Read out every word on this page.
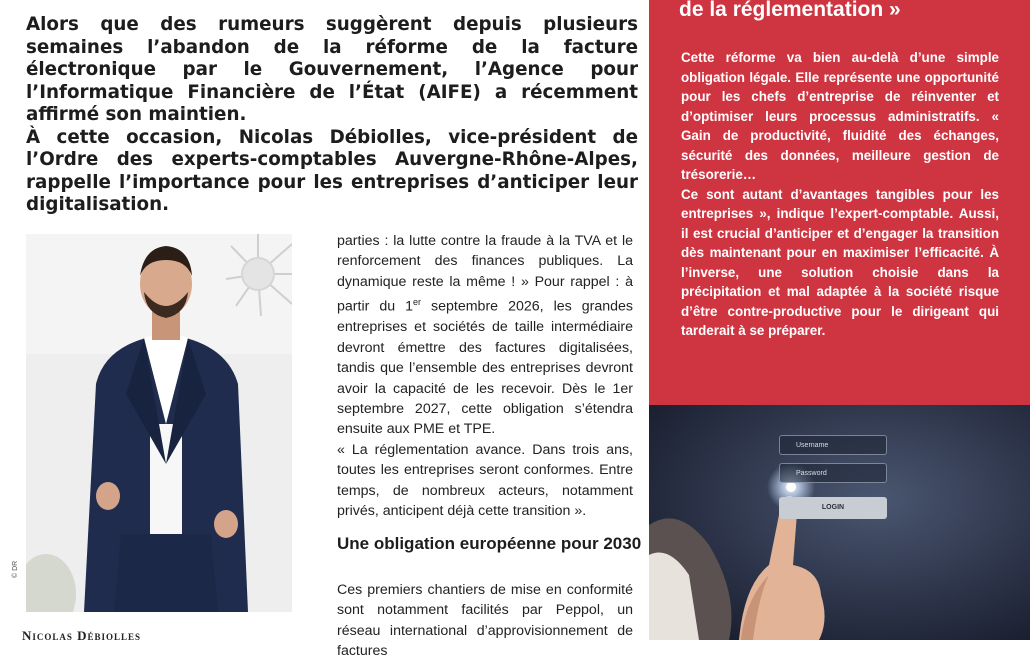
Alors que des rumeurs suggèrent depuis plusieurs semaines l’abandon de la réforme de la facture électronique par le Gouvernement, l’Agence pour l’Informatique Financière de l’État (AIFE) a récemment affirmé son maintien.

À cette occasion, Nicolas Débiolles, vice-président de l’Ordre des experts-comptables Auvergne-Rhône-Alpes, rappelle l’importance pour les entreprises d’anticiper leur digitalisation.

© DR
Nicolas Débiolles

parties : la lutte contre la fraude à la TVA et le renforcement des finances publiques. La dynamique reste la même ! » Pour rappel : à partir du 1er septembre 2026, les grandes entreprises et sociétés de taille intermédiaire devront émettre des factures digitalisées, tandis que l’ensemble des entreprises devront avoir la capacité de les recevoir. Dès le 1er septembre 2027, cette obligation s’étendra ensuite aux PME et TPE.

« La réglementation avance. Dans trois ans, toutes les entreprises seront conformes. Entre temps, de nombreux acteurs, notamment privés, anticipent déjà cette transition ».

Une obligation européenne pour 2030

Ces premiers chantiers de mise en conformité sont notamment facilités par Peppol, un réseau international d’approvisionnement de factures

de la réglementation »

Cette réforme va bien au-delà d’une simple obligation légale. Elle représente une opportunité pour les chefs d’entreprise de réinventer et d’optimiser leurs processus administratifs. « Gain de productivité, fluidité des échanges, sécurité des données, meilleure gestion de trésorerie…

Ce sont autant d’avantages tangibles pour les entreprises », indique l’expert-comptable. Aussi, il est crucial d’anticiper et d’engager la transition dès maintenant pour en maximiser l’efficacité. À l’inverse, une solution choisie dans la précipitation et mal adaptée à la société risque d’être contre-productive pour le dirigeant qui tarderait à se préparer.

Username
Password
LOGIN
